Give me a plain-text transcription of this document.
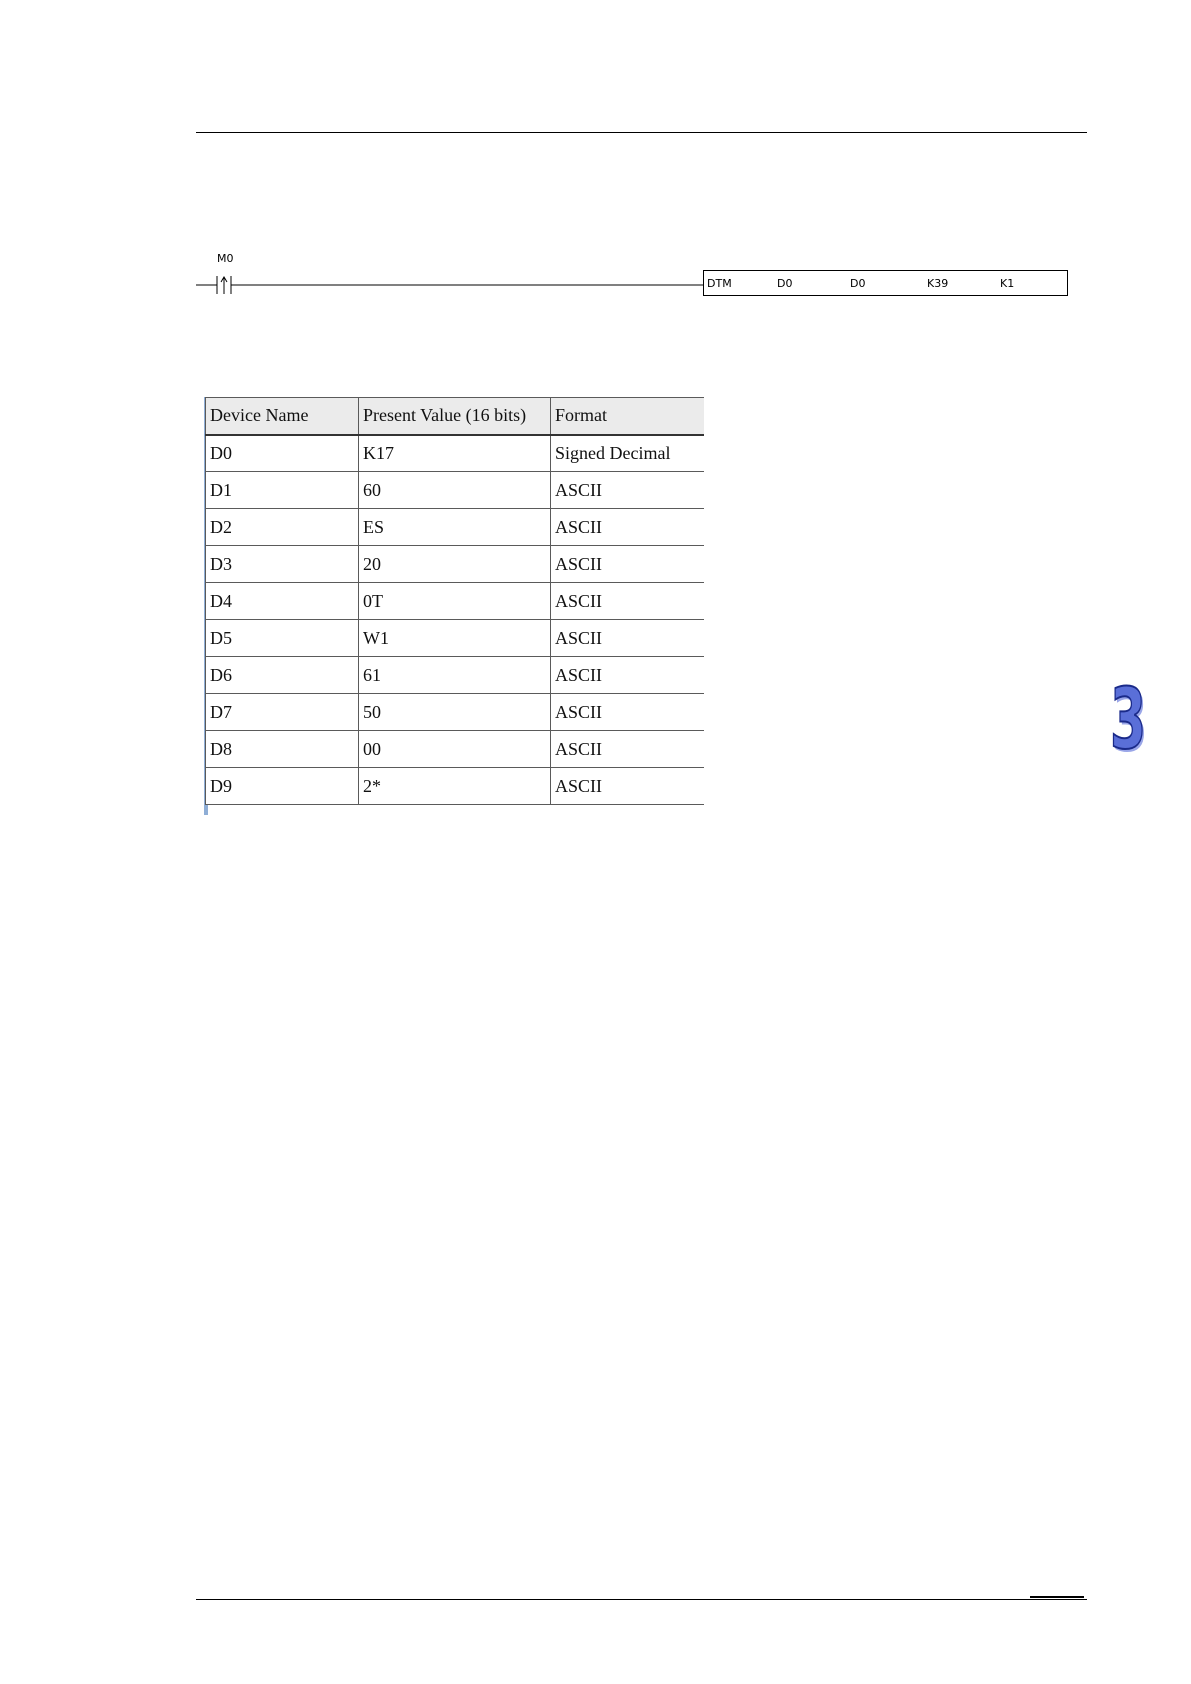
M0
DTM	D0	D0	K39	K1
Device Name	Present Value (16 bits)	Format
D0	K17	Signed Decimal
D1	60	ASCII
D2	ES	ASCII
D3	20	ASCII
D4	0T	ASCII
D5	W1	ASCII
D6	61	ASCII
D7	50	ASCII
D8	00	ASCII
D9	2*	ASCII
3
